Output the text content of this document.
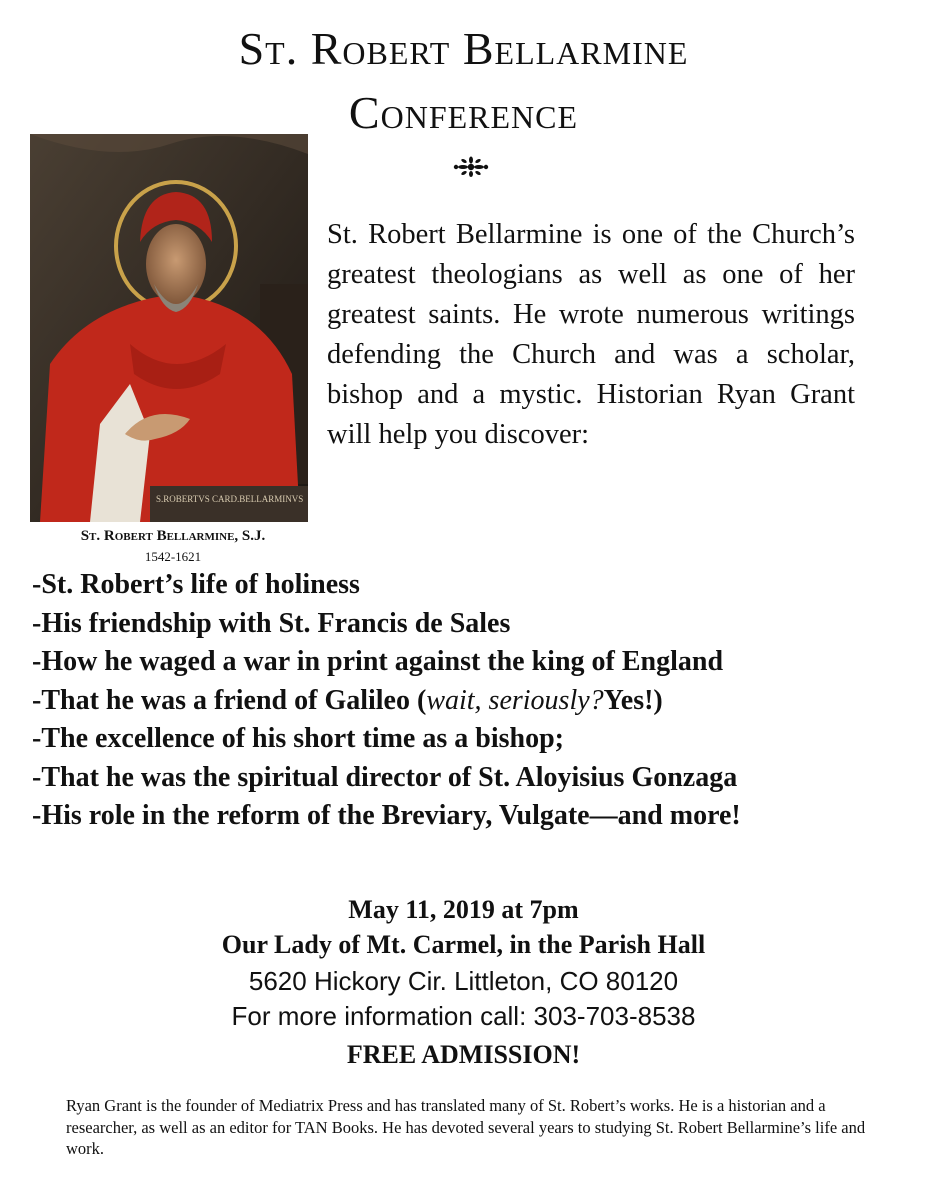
St. Robert Bellarmine
Conference
S.ROBERTVS CARD.BELLARMINVS
St. Robert Bellarmine, S.J.
1542-1621

St. Robert Bellarmine is one of the Church’s greatest theologians as well as one of her greatest saints. He wrote numerous writings defending the Church and was a scholar, bishop and a mystic. Historian Ryan Grant will help you discover:

-St. Robert’s life of holiness
-His friendship with St. Francis de Sales
-How he waged a war in print against the king of England
-That he was a friend of Galileo (wait, seriously?Yes!)
-The excellence of his short time as a bishop;
-That he was the spiritual director of St. Aloyisius Gonzaga
-His role in the reform of the Breviary, Vulgate—and more!

May 11, 2019 at 7pm

Our Lady of Mt. Carmel, in the Parish Hall

5620 Hickory Cir. Littleton, CO 80120

For more information call: 303-703-8538

FREE ADMISSION!

Ryan Grant is the founder of Mediatrix Press and has translated many of St. Robert’s works. He is a historian and a researcher, as well as an editor for TAN Books. He has devoted several years to studying St. Robert Bellarmine’s life and work.
